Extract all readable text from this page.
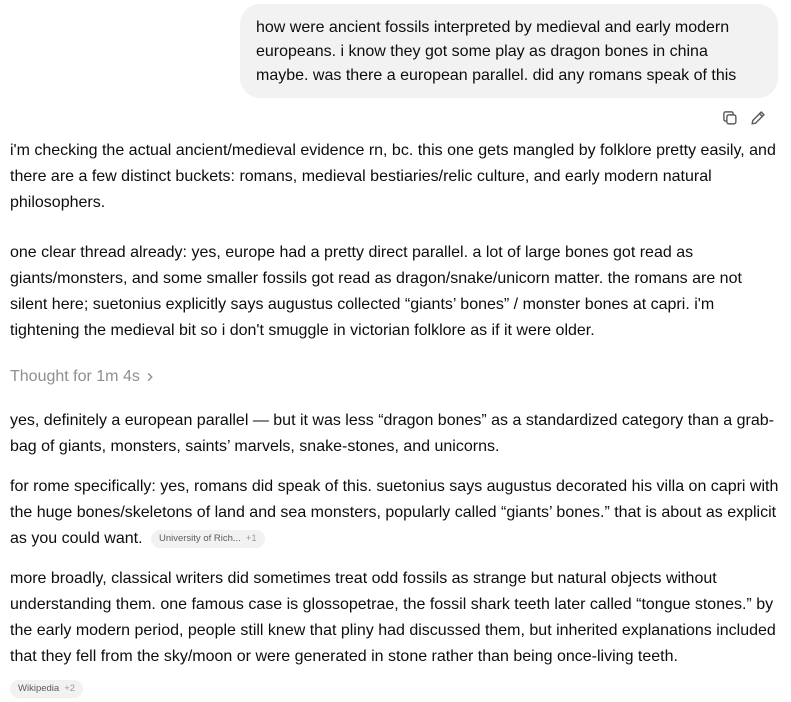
how were ancient fossils interpreted by medieval and early modern
europeans. i know they got some play as dragon bones in china
maybe. was there a european parallel. did any romans speak of this

i'm checking the actual ancient/medieval evidence rn, bc. this one gets mangled by folklore pretty easily, and there are a few distinct buckets: romans, medieval bestiaries/relic culture, and early modern natural philosophers.

one clear thread already: yes, europe had a pretty direct parallel. a lot of large bones got read as giants/monsters, and some smaller fossils got read as dragon/snake/unicorn matter. the romans are not silent here; suetonius explicitly says augustus collected “giants’ bones” / monster bones at capri. i'm tightening the medieval bit so i don't smuggle in victorian folklore as if it were older.

Thought for 1m 4s

yes, definitely a european parallel — but it was less “dragon bones” as a standardized category than a grab-bag of giants, monsters, saints’ marvels, snake-stones, and unicorns.

for rome specifically: yes, romans did speak of this. suetonius says augustus decorated his villa on capri with the huge bones/skeletons of land and sea monsters, popularly called “giants’ bones.” that is about as explicit as you could want. University of Rich... +1

more broadly, classical writers did sometimes treat odd fossils as strange but natural objects without understanding them. one famous case is glossopetrae, the fossil shark teeth later called “tongue stones.” by the early modern period, people still knew that pliny had discussed them, but inherited explanations included that they fell from the sky/moon or were generated in stone rather than being once-living teeth.

Wikipedia +2
